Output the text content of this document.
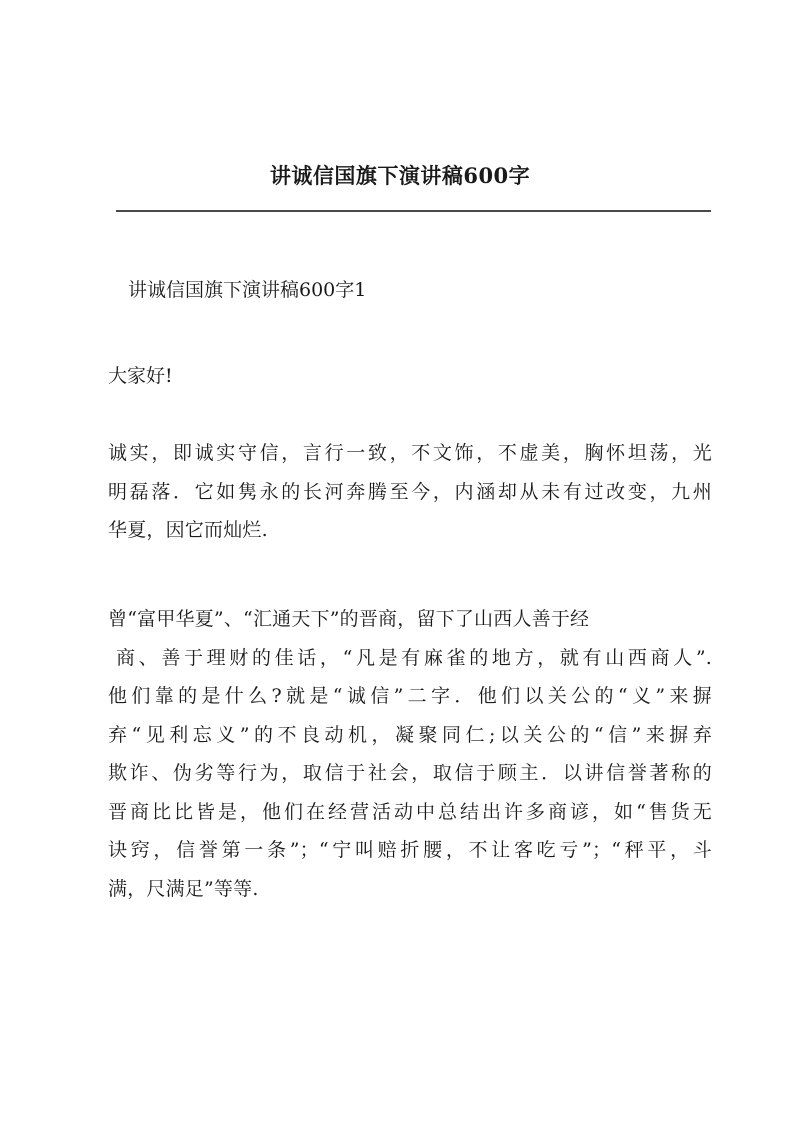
讲诚信国旗下演讲稿600字

讲诚信国旗下演讲稿600字1

大家好!

诚实，即诚实守信，言行一致，不文饰，不虚美，胸怀坦荡，光
明磊落．它如隽永的长河奔腾至今，内涵却从未有过改变，九州
华夏，因它而灿烂.
曾“富甲华夏”、“汇通天下”的晋商，留下了山西人善于经
商、善于理财的佳话，“凡是有麻雀的地方，就有山西商人”.
他们靠的是什么?就是“诚信”二字．他们以关公的“义”来摒
弃“见利忘义”的不良动机，凝聚同仁;以关公的“信”来摒弃
欺诈、伪劣等行为，取信于社会，取信于顾主．以讲信誉著称的
晋商比比皆是，他们在经营活动中总结出许多商谚，如“售货无
诀窍，信誉第一条”；“宁叫赔折腰，不让客吃亏”；“秤平，斗
满，尺满足”等等.
